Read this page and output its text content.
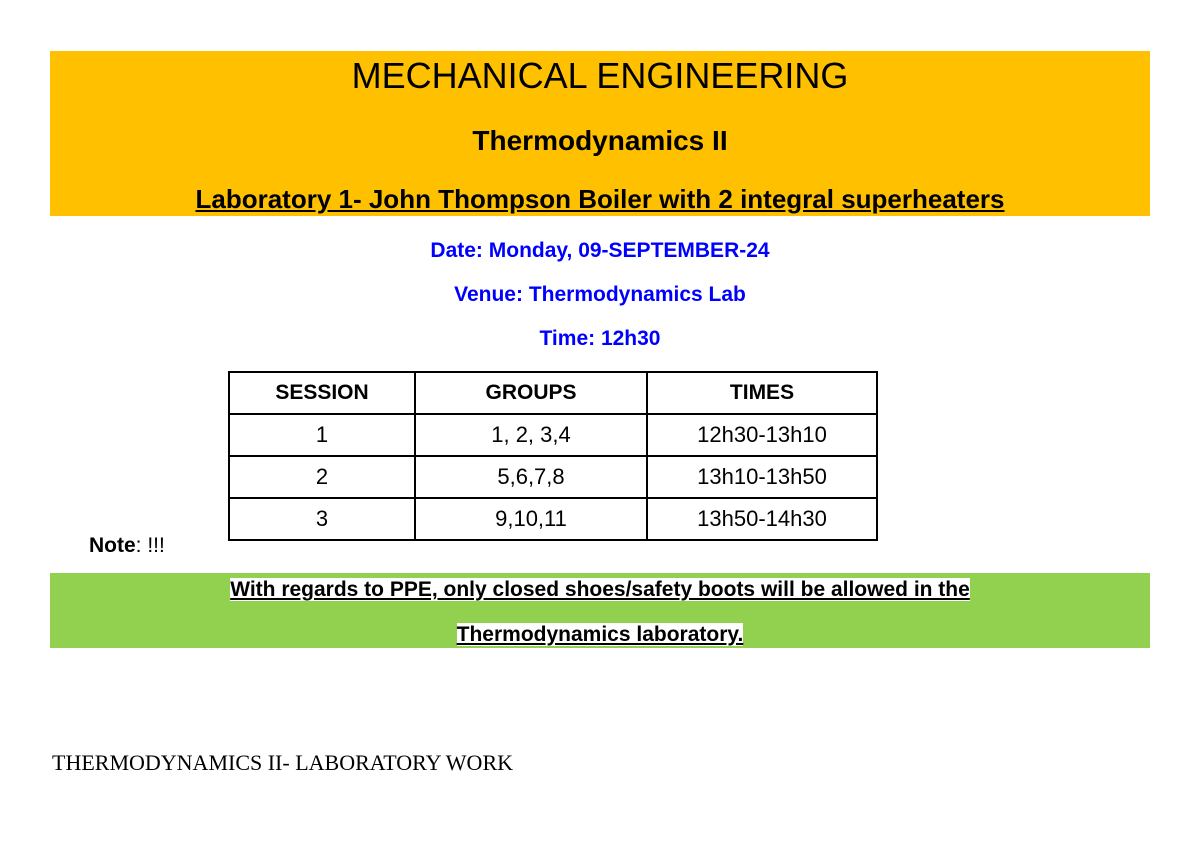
MECHANICAL ENGINEERING
Thermodynamics II
Laboratory 1- John Thompson Boiler with 2 integral superheaters
Date: Monday, 09-SEPTEMBER-24
Venue: Thermodynamics Lab
Time: 12h30
SESSION	GROUPS	TIMES
1	1, 2, 3,4	12h30-13h10
2	5,6,7,8	13h10-13h50
3	9,10,11	13h50-14h30
Note: !!!
With regards to PPE, only closed shoes/safety boots will be allowed in the
Thermodynamics laboratory.
THERMODYNAMICS II- LABORATORY WORK
